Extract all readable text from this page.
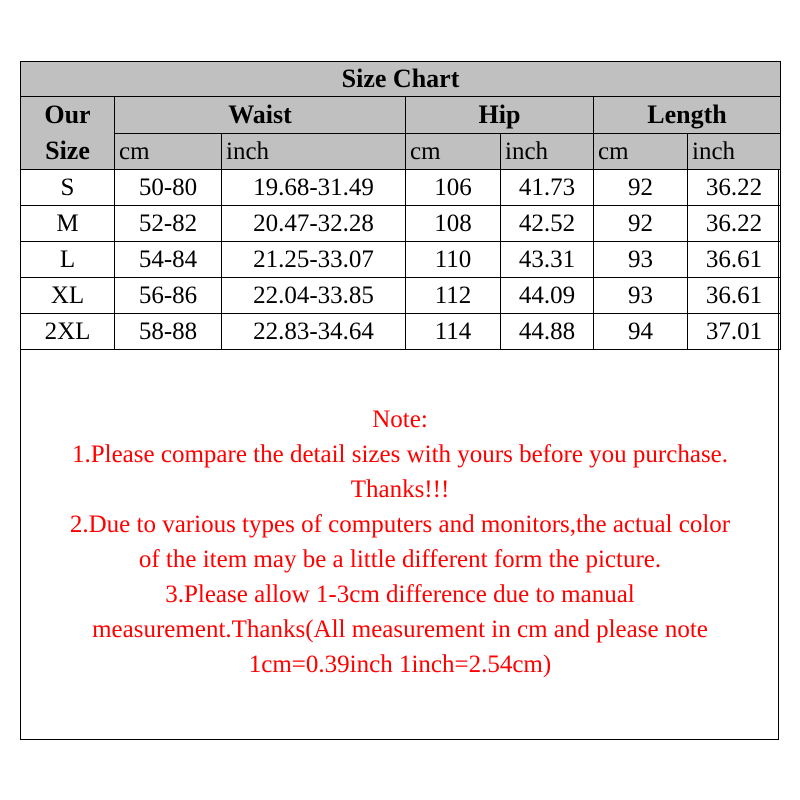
Size Chart						

Our
Size	Waist		Hip		Length	
	cm	inch	cm	inch	cm	inch
S	50-80	19.68-31.49	106	41.73	92	36.22
M	52-82	20.47-32.28	108	42.52	92	36.22
L	54-84	21.25-33.07	110	43.31	93	36.61
XL	56-86	22.04-33.85	112	44.09	93	36.61
2XL	58-88	22.83-34.64	114	44.88	94	37.01
Note:
1.Please compare the detail sizes with yours before you purchase.
Thanks!!!
2.Due to various types of computers and monitors,the actual color
of the item may be a little different form the picture.
3.Please allow 1-3cm difference due to manual
measurement.Thanks(All measurement in cm and please note
1cm=0.39inch 1inch=2.54cm)
